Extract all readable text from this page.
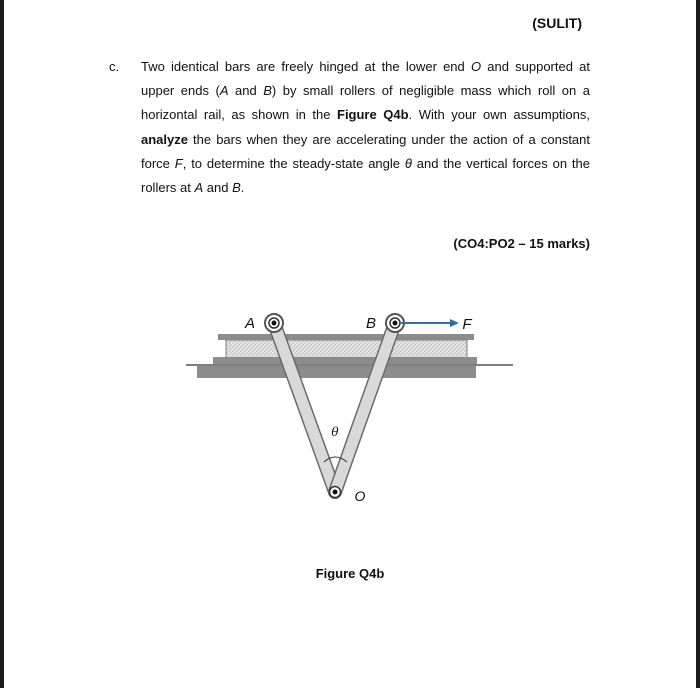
(SULIT)
c. Two identical bars are freely hinged at the lower end O and supported at upper ends (A and B) by small rollers of negligible mass which roll on a horizontal rail, as shown in the Figure Q4b. With your own assumptions, analyze the bars when they are accelerating under the action of a constant force F, to determine the steady-state angle θ and the vertical forces on the rollers at A and B.
(CO4:PO2 – 15 marks)
A	B	F
θ
O
Figure Q4b
